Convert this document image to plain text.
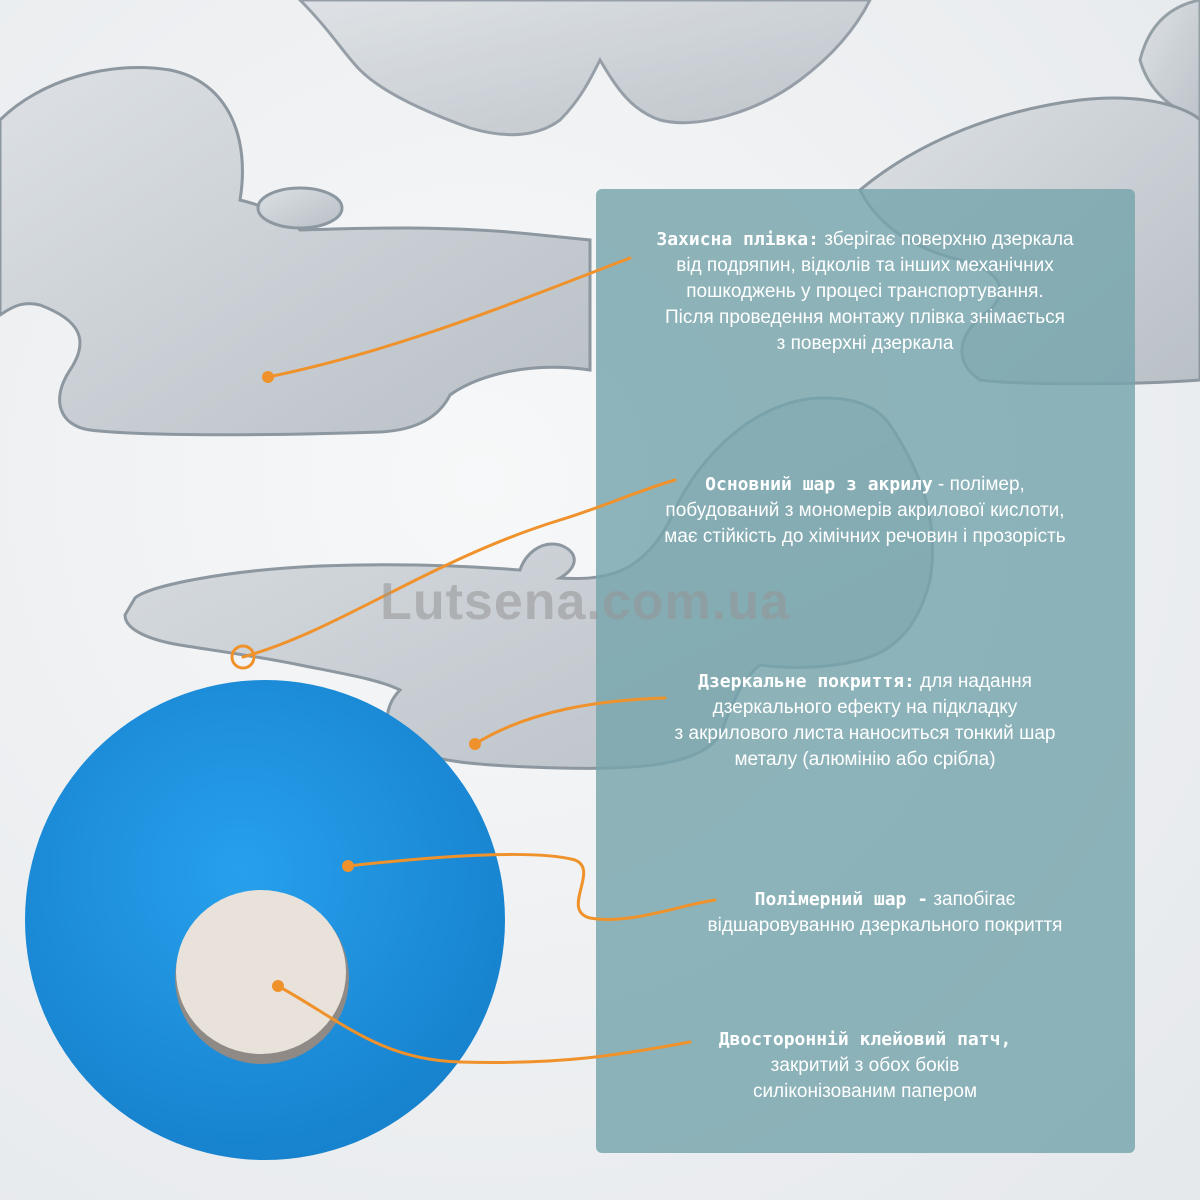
Lutsena.com.ua
Захисна плівка: зберігає поверхню дзеркала
від подряпин, відколів та інших механічних
пошкоджень у процесі транспортування.
Після проведення монтажу плівка знімається
з поверхні дзеркала
Основний шар з акрилу - полімер,
побудований з мономерів акрилової кислоти,
має стійкість до хімічних речовин і прозорість
Дзеркальне покриття: для надання
дзеркального ефекту на підкладку
з акрилового листа наноситься тонкий шар
металу (алюмінію або срібла)
Полімерний шар - запобігає
відшаровуванню дзеркального покриття
Двосторонній клейовий патч,
закритий з обох боків
силіконізованим папером
